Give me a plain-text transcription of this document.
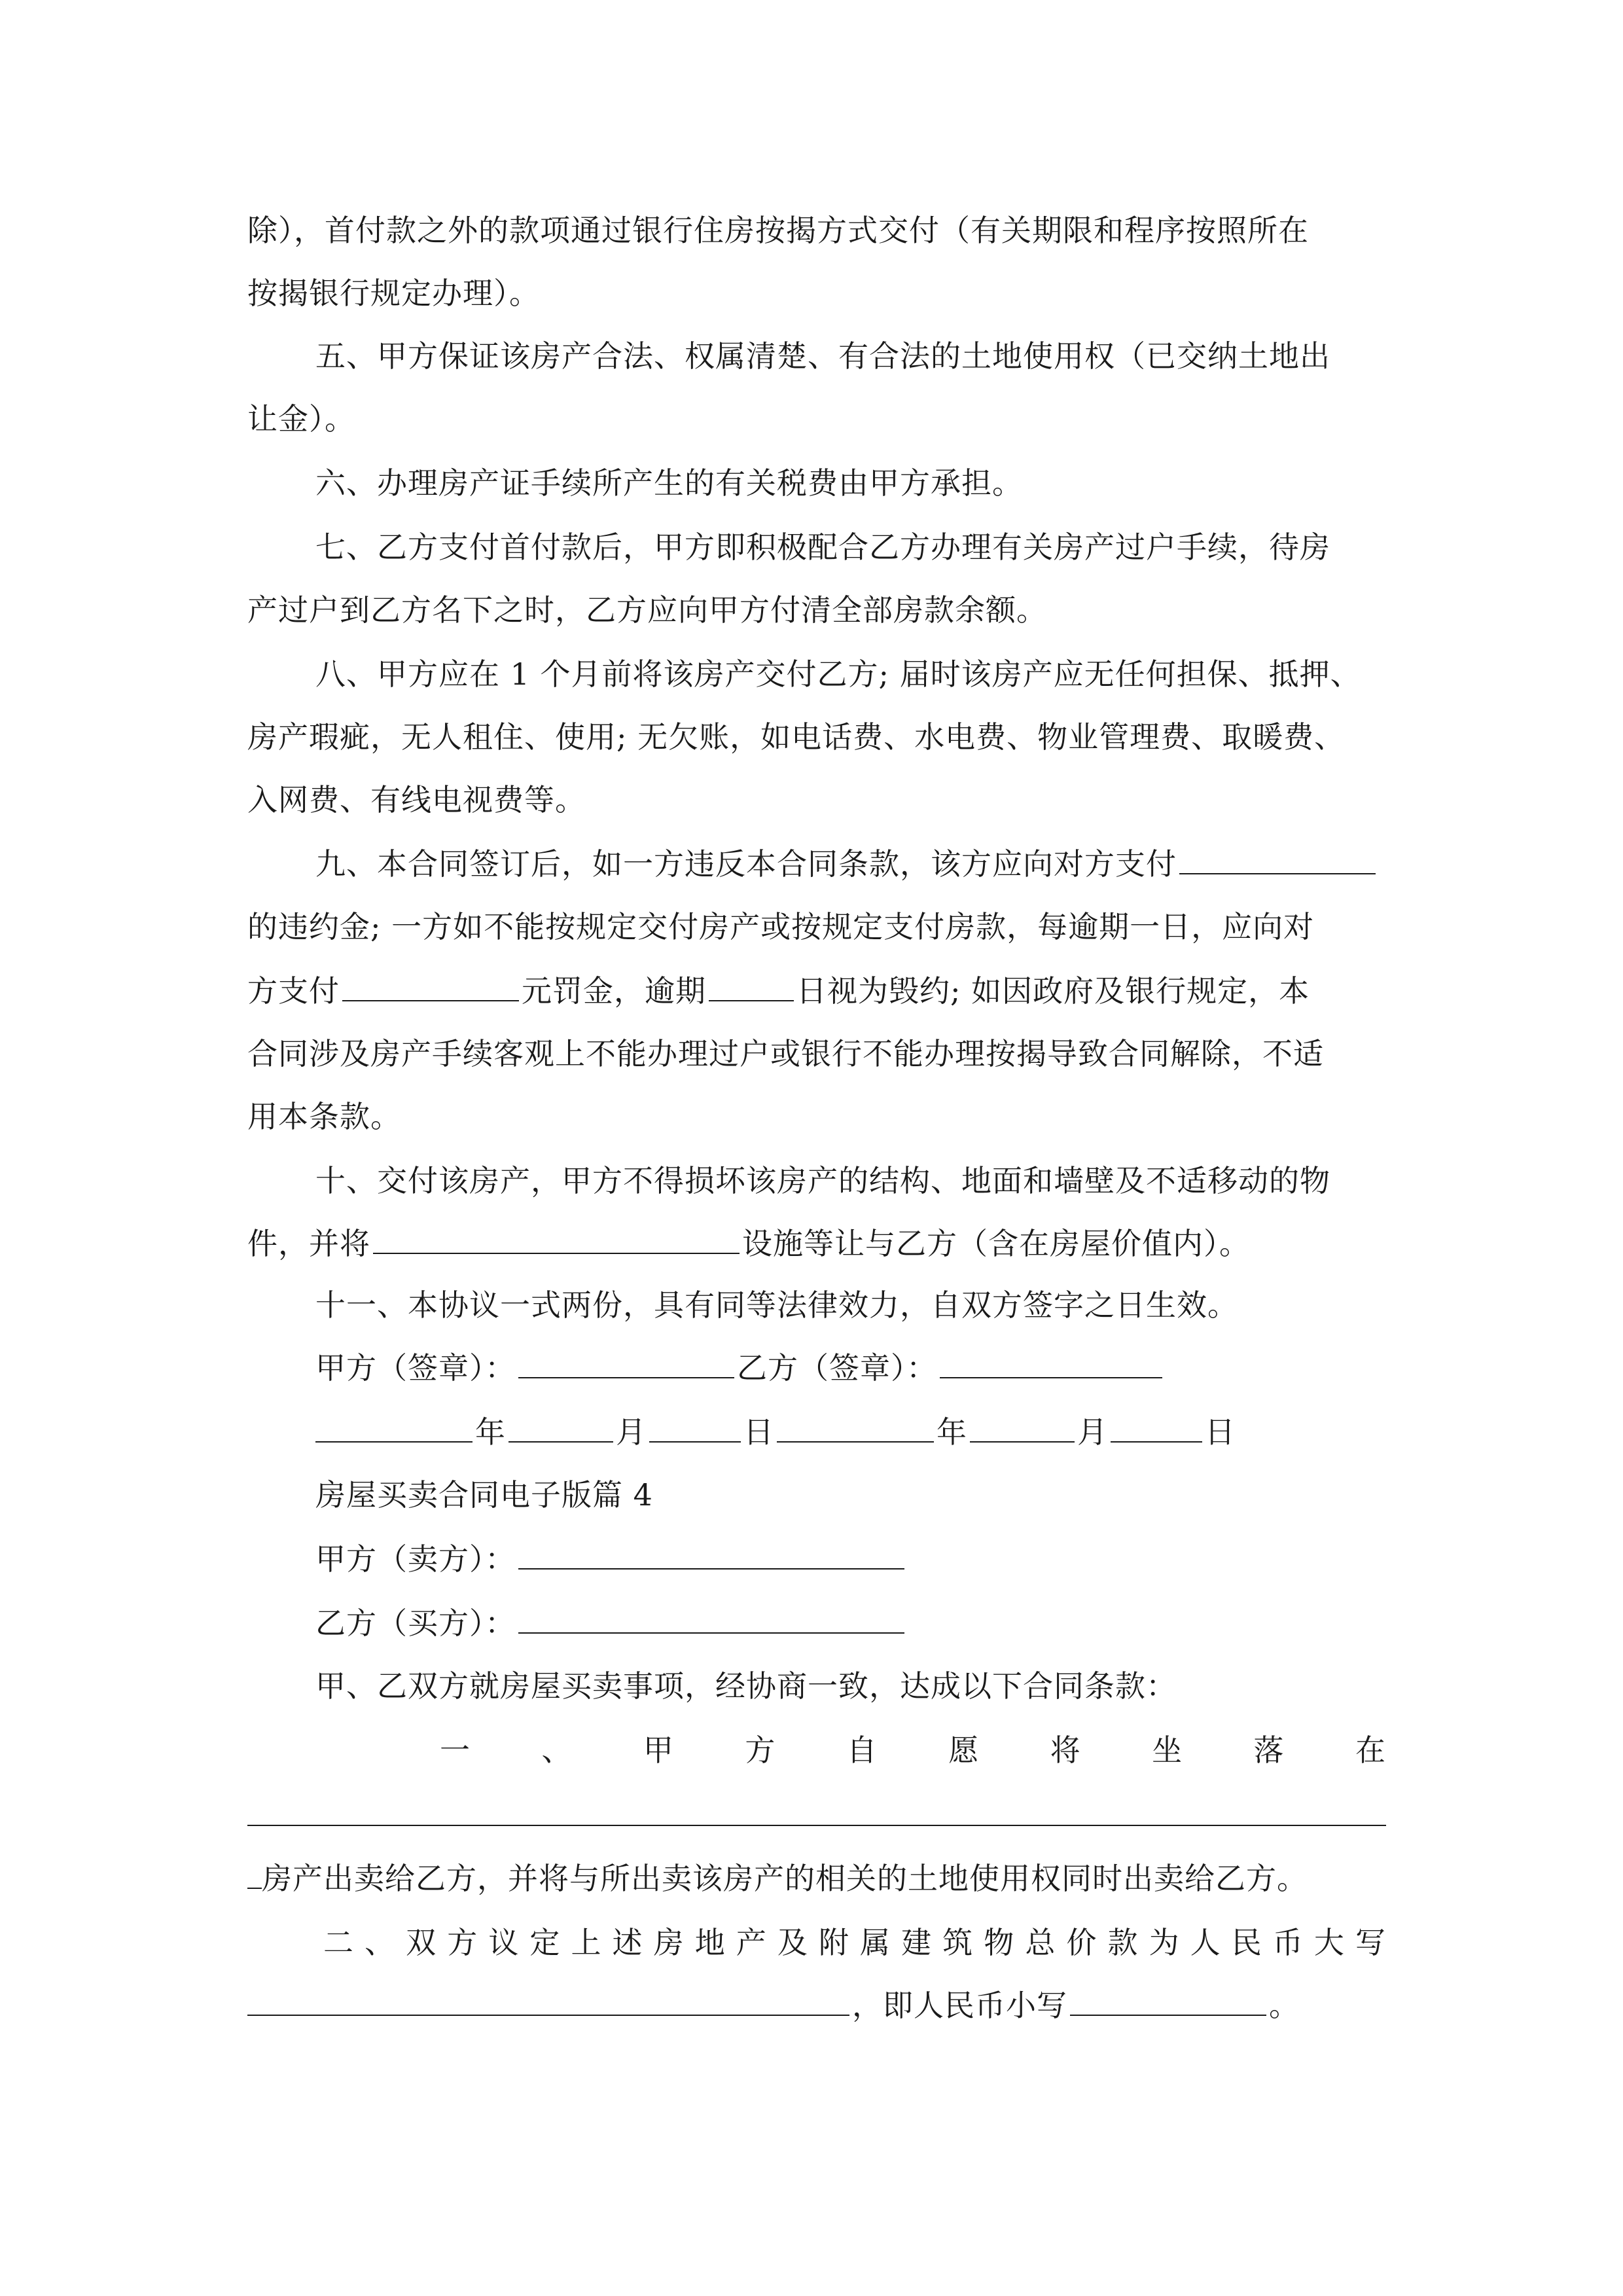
除），首付款之外的款项通过银行住房按揭方式交付（有关期限和程序按照所在
按揭银行规定办理）。
五、甲方保证该房产合法、权属清楚、有合法的土地使用权（已交纳土地出
让金）。
六、办理房产证手续所产生的有关税费由甲方承担。
七、乙方支付首付款后，甲方即积极配合乙方办理有关房产过户手续，待房
产过户到乙方名下之时，乙方应向甲方付清全部房款余额。
八、甲方应在 1 个月前将该房产交付乙方; 届时该房产应无任何担保、抵押、
房产瑕疵，无人租住、使用; 无欠账，如电话费、水电费、物业管理费、取暖费、
入网费、有线电视费等。
九、本合同签订后，如一方违反本合同条款，该方应向对方支付
的违约金; 一方如不能按规定交付房产或按规定支付房款，每逾期一日，应向对
方支付	元罚金，逾期	日视为毁约; 如因政府及银行规定，本
合同涉及房产手续客观上不能办理过户或银行不能办理按揭导致合同解除，不适
用本条款。
十、交付该房产，甲方不得损坏该房产的结构、地面和墙壁及不适移动的物
件，并将	设施等让与乙方（含在房屋价值内）。
十一、本协议一式两份，具有同等法律效力，自双方签字之日生效。
甲方（签章）：	乙方（签章）：
年	月	日	年	月	日
房屋买卖合同电子版篇 4
甲方（卖方）：
乙方（买方）：
甲、乙双方就房屋买卖事项，经协商一致，达成以下合同条款：
一 、 甲 方 自 愿 将 坐 落 在
房产出卖给乙方，并将与所出卖该房产的相关的土地使用权同时出卖给乙方。
二 、 双 方 议 定 上 述 房 地 产 及 附 属 建 筑 物 总 价 款 为 人 民 币 大 写
，即人民币小写	。
